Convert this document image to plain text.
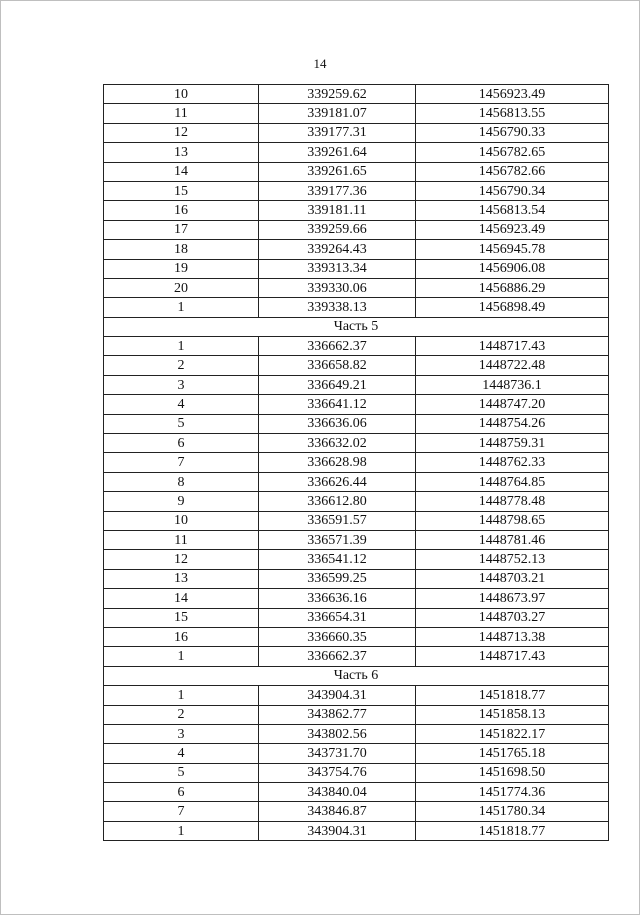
14
10	339259.62	1456923.49
11	339181.07	1456813.55
12	339177.31	1456790.33
13	339261.64	1456782.65
14	339261.65	1456782.66
15	339177.36	1456790.34
16	339181.11	1456813.54
17	339259.66	1456923.49
18	339264.43	1456945.78
19	339313.34	1456906.08
20	339330.06	1456886.29
1	339338.13	1456898.49
Часть 5		
1	336662.37	1448717.43
2	336658.82	1448722.48
3	336649.21	1448736.1
4	336641.12	1448747.20
5	336636.06	1448754.26
6	336632.02	1448759.31
7	336628.98	1448762.33
8	336626.44	1448764.85
9	336612.80	1448778.48
10	336591.57	1448798.65
11	336571.39	1448781.46
12	336541.12	1448752.13
13	336599.25	1448703.21
14	336636.16	1448673.97
15	336654.31	1448703.27
16	336660.35	1448713.38
1	336662.37	1448717.43
Часть 6		
1	343904.31	1451818.77
2	343862.77	1451858.13
3	343802.56	1451822.17
4	343731.70	1451765.18
5	343754.76	1451698.50
6	343840.04	1451774.36
7	343846.87	1451780.34
1	343904.31	1451818.77
